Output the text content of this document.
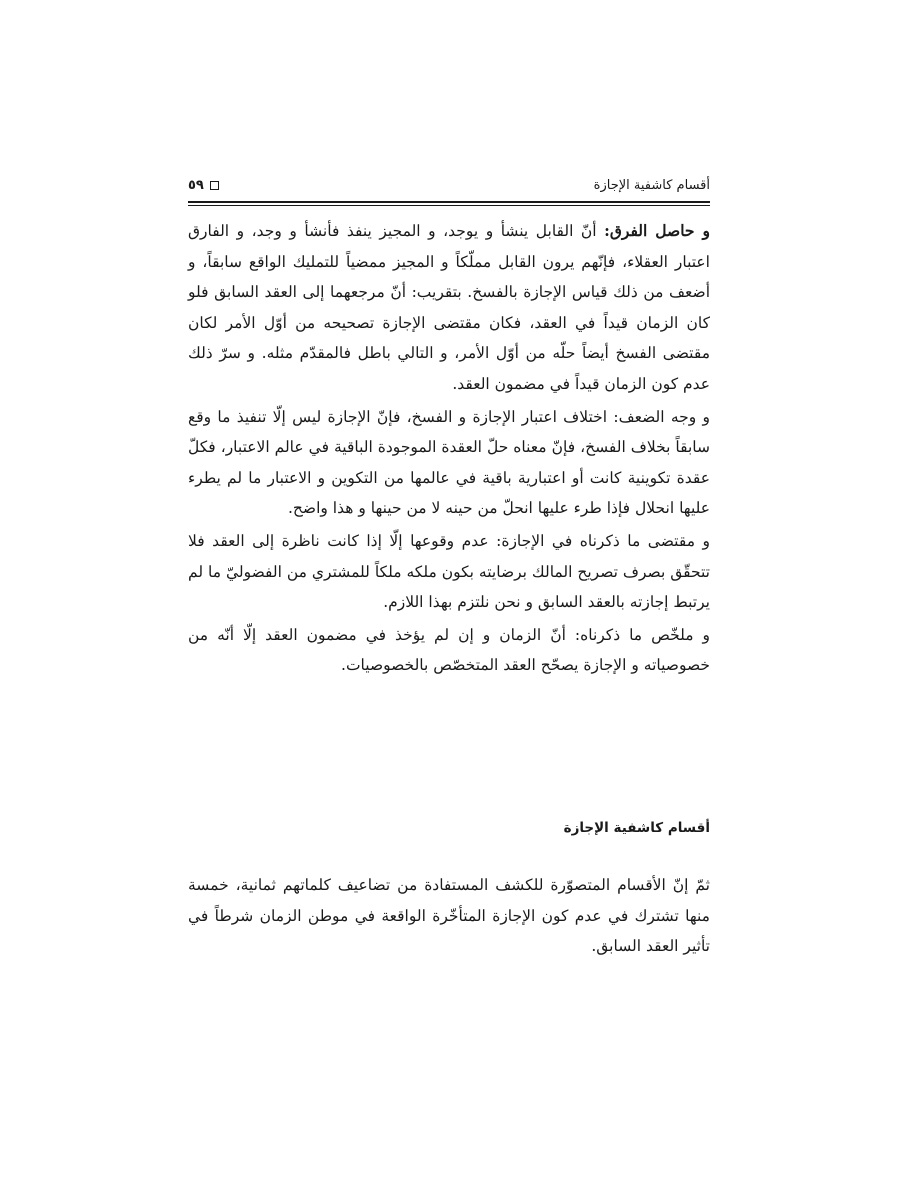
أقسام كاشفية الإجازة
٥٩

و حاصل الفرق: أنّ القابل ينشأ و يوجد، و المجيز ينفذ فأنشأ و وجد، و الفارق اعتبار العقلاء، فإنّهم يرون القابل مملّكاً و المجيز ممضياً للتمليك الواقع سابقاً، و أضعف من ذلك قياس الإجازة بالفسخ. بتقريب: أنّ مرجعهما إلى العقد السابق فلو كان الزمان قيداً في العقد، فكان مقتضى الإجازة تصحيحه من أوّل الأمر لكان مقتضى الفسخ أيضاً حلّه من أوّل الأمر، و التالي باطل فالمقدّم مثله. و سرّ ذلك عدم كون الزمان قيداً في مضمون العقد.

و وجه الضعف: اختلاف اعتبار الإجازة و الفسخ، فإنّ الإجازة ليس إلّا تنفيذ ما وقع سابقاً بخلاف الفسخ، فإنّ معناه حلّ العقدة الموجودة الباقية في عالم الاعتبار، فكلّ عقدة تكوينية كانت أو اعتبارية باقية في عالمها من التكوين و الاعتبار ما لم يطرء عليها انحلال فإذا طرء عليها انحلّ من حينه لا من حينها و هذا واضح.

و مقتضى ما ذكرناه في الإجازة: عدم وقوعها إلّا إذا كانت ناظرة إلى العقد فلا تتحقّق بصرف تصريح المالك برضايته بكون ملكه ملكاً للمشتري من الفضوليّ ما لم يرتبط إجازته بالعقد السابق و نحن نلتزم بهذا اللازم.

و ملخّص ما ذكرناه: أنّ الزمان و إن لم يؤخذ في مضمون العقد إلّا أنّه من خصوصياته و الإجازة يصحّح العقد المتخصّص بالخصوصيات.

أقسام كاشفية الإجازة

ثمّ إنّ الأقسام المتصوّرة للكشف المستفادة من تضاعيف كلماتهم ثمانية، خمسة منها تشترك في عدم كون الإجازة المتأخّرة الواقعة في موطن الزمان شرطاً في تأثير العقد السابق.
